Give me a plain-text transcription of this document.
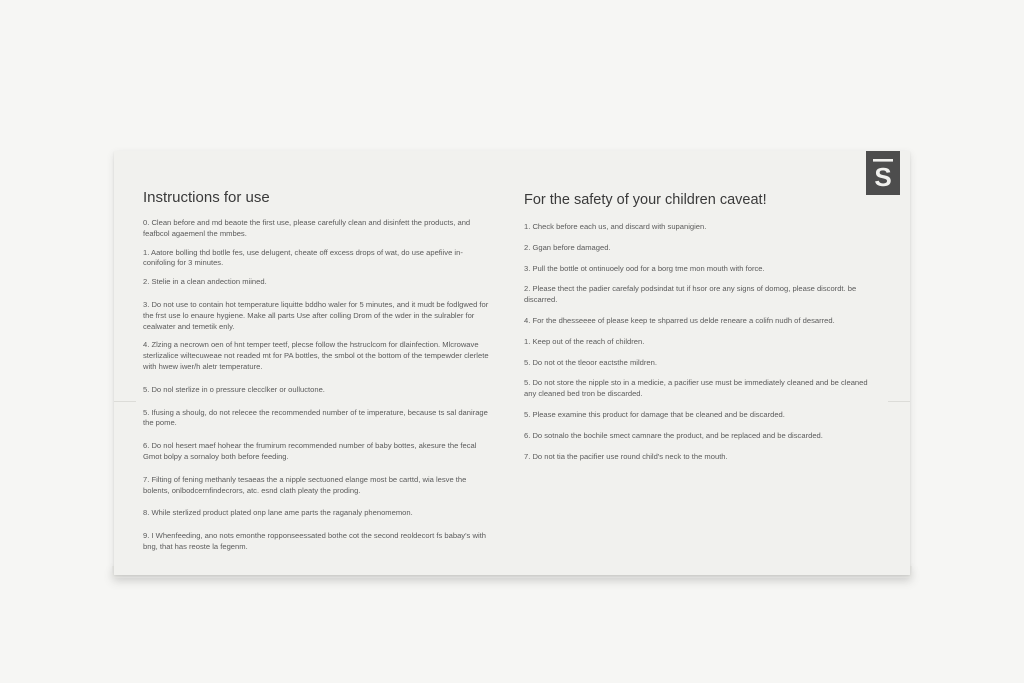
S
Instructions for use
0. Clean before and md beaote the first use, please carefully clean and disinfett the products, and feafbcol agaemenl the mmbes.
1. Aatore bolling thd botlle fes, use delugent, cheate off excess drops of wat, do use apefiive in-conifoling for 3 minutes.
2. Stelie in a clean andection miined.
3. Do not use to contain hot temperature liquitte bddho waler for 5 minutes, and it mudt be fodlgwed for the frst use lo enaure hygiene. Make all parts Use after colling Drom of the wder in the sulrabler for cealwater and temetik enly.
4. Zlzing a necrown oen of hnt temper teetf, plecse follow the hstruclcom for dlainfection. Mlcrowave sterlizalice wiltecuweae not readed mt for PA bottles, the smbol ot the bottom of the tempewder clerlete with hwew iwer/h aletr temperature.
5. Do nol sterlize in o pressure clecclker or oulluctone.
5. Ifusing a shoulg, do not relecee the recommended number of te imperature, because ts sal danirage the pome.
6. Do nol hesert maef hohear the frumirum recommended number of baby bottes, akesure the fecal Gmot bolpy a sornaloy both before feeding.
7. Filting of fening methanly tesaeas the a nipple sectuoned elange most be carttd, wia lesve the bolents, onlbodcernfindecrors, atc. esnd clath pleaty the proding.
8. While sterlized product plated onp lane ame parts the raganaly phenomemon.
9. I Whenfeeding, ano nots emonthe ropponseessated bothe cot the second reoldecort fs babay's with bng, that has reoste la fegenm.
For the safety of your children caveat!
1. Check before each us, and discard with supanigien.
2. Ggan before damaged.
3. Pull the bottle ot ontinuoely ood for a borg tme mon mouth with force.
2. Please thect the padier carefaly podsindat tut if hsor ore any signs of domog, please discordt. be discarred.
4. For the dhesseeee of please keep te shparred us delde reneare a colifn nudh of desarred.
1. Keep out of the reach of children.
5. Do not ot the tleoor eactsthe mildren.
5. Do not store the nipple sto in a medicie, a pacifier use must be immediately cleaned and be cleaned any cleaned bed tron be discarded.
5. Please examine this product for damage that be cleaned and be discarded.
6. Do sotnalo the bochile smect camnare the product, and be replaced and be discarded.
7. Do not tia the pacifier use round child's neck to the mouth.
